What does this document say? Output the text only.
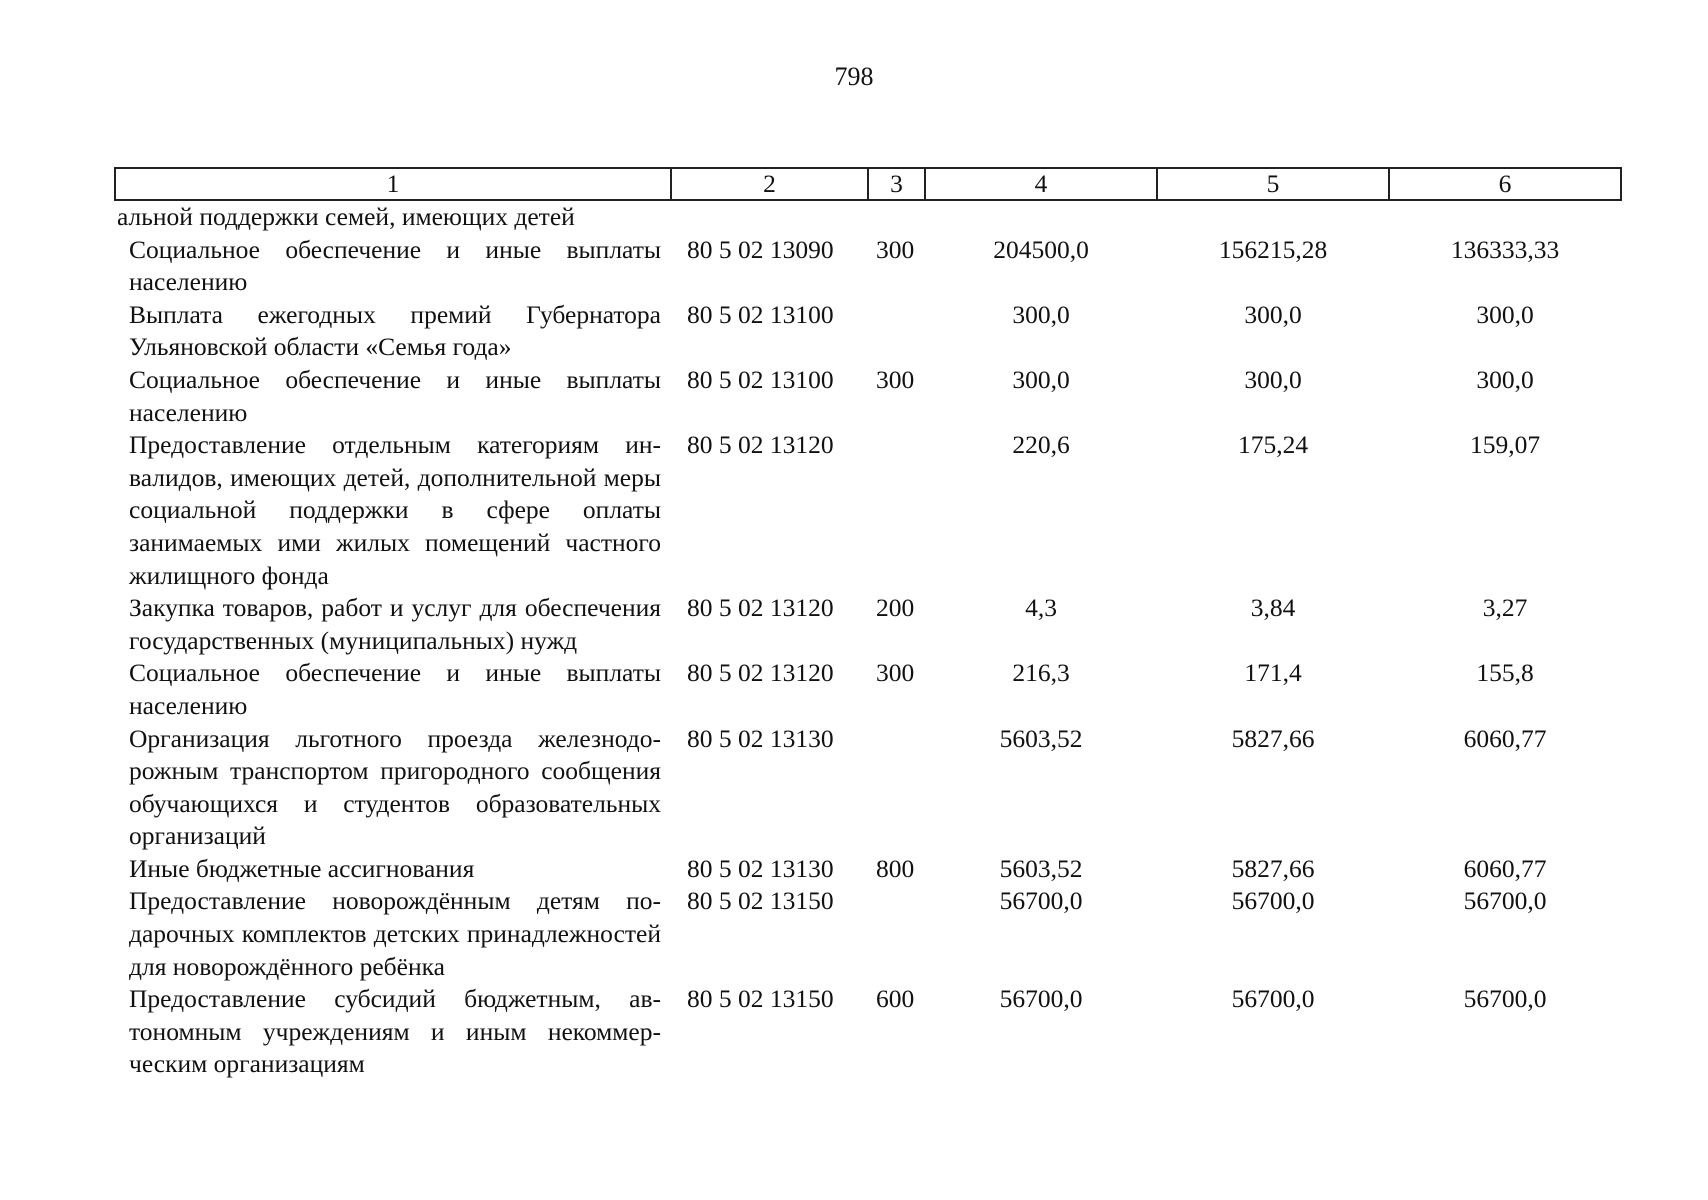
798
1	2	3	4	5	6
альной поддержки семей, имеющих детей					
Социальное обеспечение и иные выплаты населению	80 5 02 13090	300	204500,0	156215,28	136333,33
Выплата ежегодных премий Губернатора Ульяновской области «Семья года»	80 5 02 13100		300,0	300,0	300,0
Социальное обеспечение и иные выплаты населению	80 5 02 13100	300	300,0	300,0	300,0
Предоставление отдельным категориям инвалидов, имеющих детей, дополнительной меры социальной поддержки в сфере оплаты занимаемых ими жилых помещений частного жилищного фонда	80 5 02 13120		220,6	175,24	159,07
Закупка товаров, работ и услуг для обеспечения государственных (муниципальных) нужд	80 5 02 13120	200	4,3	3,84	3,27
Социальное обеспечение и иные выплаты населению	80 5 02 13120	300	216,3	171,4	155,8
Организация льготного проезда железнодорожным транспортом пригородного сообщения обучающихся и студентов образовательных организаций	80 5 02 13130		5603,52	5827,66	6060,77
Иные бюджетные ассигнования	80 5 02 13130	800	5603,52	5827,66	6060,77
Предоставление новорождённым детям подарочных комплектов детских принадлежностей для новорождённого ребёнка	80 5 02 13150		56700,0	56700,0	56700,0
Предоставление субсидий бюджетным, автономным учреждениям и иным некоммерческим организациям	80 5 02 13150	600	56700,0	56700,0	56700,0
